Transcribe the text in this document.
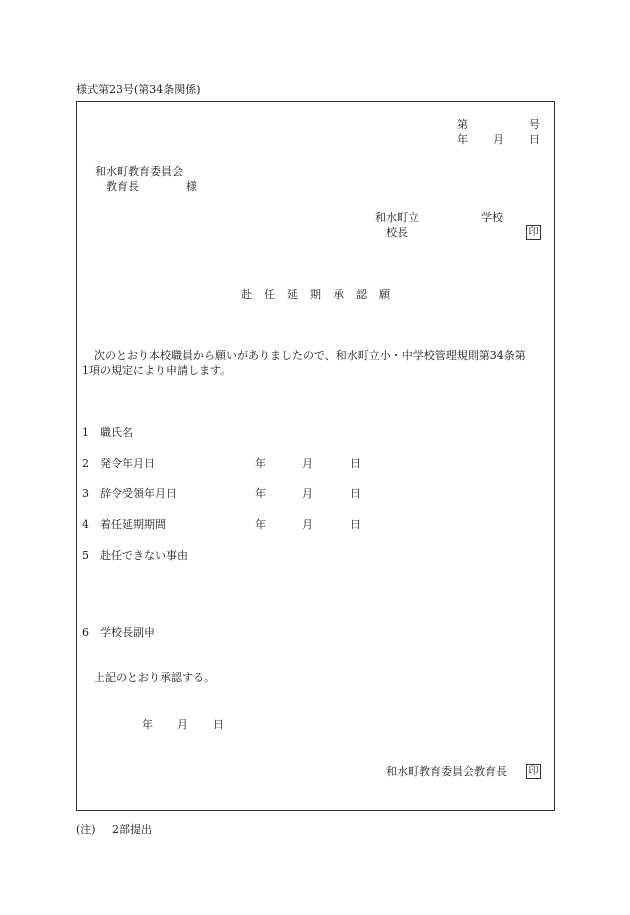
様式第23号(第34条関係)
第	号
年 月 日
和水町教育委員会
教育長	様
和水町立	学校
校長	印
赴 任 延 期 承 認 願
次のとおり本校職員から願いがありましたので、和水町立小・中学校管理規則第34条第
1項の規定により申請します。
1 職氏名
2 発令年月日	年	月	日
3 辞令受領年月日	年	月	日
4 着任延期期間	年	月	日
5 赴任できない事由
6 学校長副申
上記のとおり承認する。
年 月 日
和水町教育委員会教育長 印
(注) 2部提出
